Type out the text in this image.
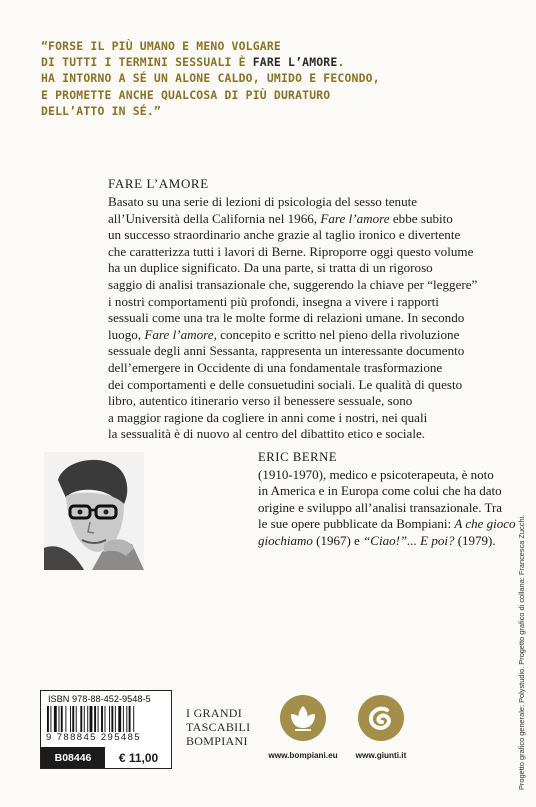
“FORSE IL PIÙ UMANO E MENO VOLGARE
DI TUTTI I TERMINI SESSUALI È FARE L’AMORE.
HA INTORNO A SÉ UN ALONE CALDO, UMIDO E FECONDO,
E PROMETTE ANCHE QUALCOSA DI PIÙ DURATURO
DELL’ATTO IN SÉ.”
FARE L’AMORE
Basato su una serie di lezioni di psicologia del sesso tenute
all’Università della California nel 1966, Fare l’amore ebbe subito
un successo straordinario anche grazie al taglio ironico e divertente
che caratterizza tutti i lavori di Berne. Riproporre oggi questo volume
ha un duplice significato. Da una parte, si tratta di un rigoroso
saggio di analisi transazionale che, suggerendo la chiave per “leggere”
i nostri comportamenti più profondi, insegna a vivere i rapporti
sessuali come una tra le molte forme di relazioni umane. In secondo
luogo, Fare l’amore, concepito e scritto nel pieno della rivoluzione
sessuale degli anni Sessanta, rappresenta un interessante documento
dell’emergere in Occidente di una fondamentale trasformazione
dei comportamenti e delle consuetudini sociali. Le qualità di questo
libro, autentico itinerario verso il benessere sessuale, sono
a maggior ragione da cogliere in anni come i nostri, nei quali
la sessualità è di nuovo al centro del dibattito etico e sociale.
ERIC BERNE
(1910-1970), medico e psicoterapeuta, è noto
in America e in Europa come colui che ha dato
origine e sviluppo all’analisi transazionale. Tra
le sue opere pubblicate da Bompiani: A che gioco
giochiamo (1967) e “Ciao!”... E poi? (1979).	Progetto grafico generale: Polystudio. Progetto grafico di collana: Francesca Zucchi.
ISBN 978-88-452-9548-5
9 788845 295485
B08446	€ 11,00
I GRANDI
TASCABILI
BOMPIANI
www.bompiani.eu	www.giunti.it
